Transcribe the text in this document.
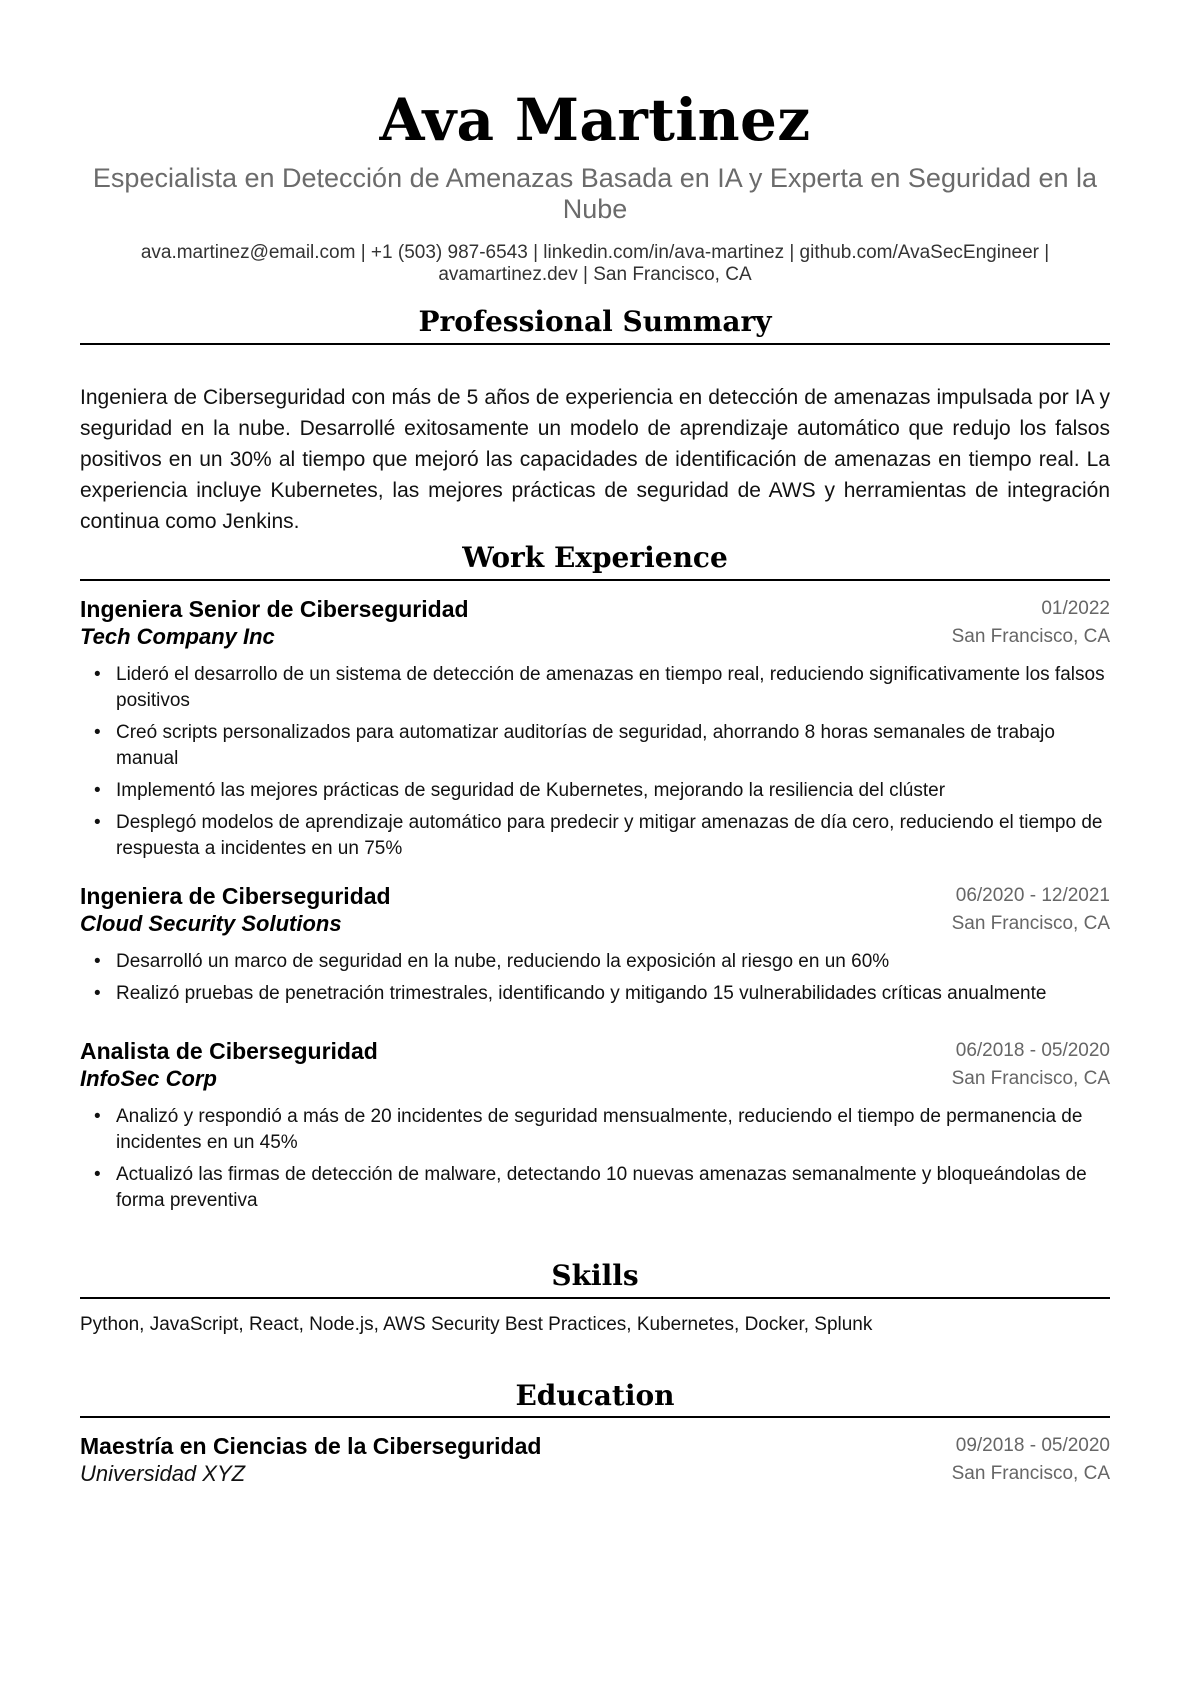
Ava Martinez
Especialista en Detección de Amenazas Basada en IA y Experta en Seguridad en la Nube
ava.martinez@email.com | +1 (503) 987-6543 | linkedin.com/in/ava-martinez | github.com/AvaSecEngineer | avamartinez.dev | San Francisco, CA
Professional Summary
Ingeniera de Ciberseguridad con más de 5 años de experiencia en detección de amenazas impulsada por IA y seguridad en la nube. Desarrollé exitosamente un modelo de aprendizaje automático que redujo los falsos positivos en un 30% al tiempo que mejoró las capacidades de identificación de amenazas en tiempo real. La experiencia incluye Kubernetes, las mejores prácticas de seguridad de AWS y herramientas de integración continua como Jenkins.
Work Experience
Ingeniera Senior de Ciberseguridad	01/2022
Tech Company Inc	San Francisco, CA
• Lideró el desarrollo de un sistema de detección de amenazas en tiempo real, reduciendo significativamente los falsos positivos
• Creó scripts personalizados para automatizar auditorías de seguridad, ahorrando 8 horas semanales de trabajo manual
• Implementó las mejores prácticas de seguridad de Kubernetes, mejorando la resiliencia del clúster
• Desplegó modelos de aprendizaje automático para predecir y mitigar amenazas de día cero, reduciendo el tiempo de respuesta a incidentes en un 75%
Ingeniera de Ciberseguridad	06/2020 - 12/2021
Cloud Security Solutions	San Francisco, CA
• Desarrolló un marco de seguridad en la nube, reduciendo la exposición al riesgo en un 60%
• Realizó pruebas de penetración trimestrales, identificando y mitigando 15 vulnerabilidades críticas anualmente
Analista de Ciberseguridad	06/2018 - 05/2020
InfoSec Corp	San Francisco, CA
• Analizó y respondió a más de 20 incidentes de seguridad mensualmente, reduciendo el tiempo de permanencia de incidentes en un 45%
• Actualizó las firmas de detección de malware, detectando 10 nuevas amenazas semanalmente y bloqueándolas de forma preventiva
Skills
Python, JavaScript, React, Node.js, AWS Security Best Practices, Kubernetes, Docker, Splunk
Education
Maestría en Ciencias de la Ciberseguridad	09/2018 - 05/2020
Universidad XYZ	San Francisco, CA
